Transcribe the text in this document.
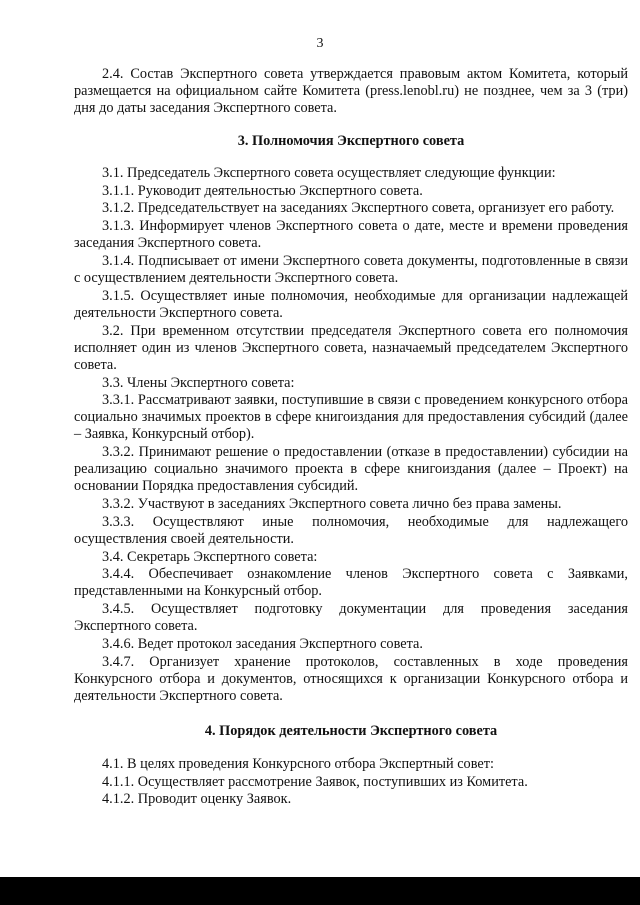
3

2.4. Состав Экспертного совета утверждается правовым актом Комитета, который размещается на официальном сайте Комитета (press.lenobl.ru) не позднее, чем за 3 (три) дня до даты заседания Экспертного совета.

3. Полномочия Экспертного совета

3.1. Председатель Экспертного совета осуществляет следующие функции:

3.1.1. Руководит деятельностью Экспертного совета.

3.1.2. Председательствует на заседаниях Экспертного совета, организует его работу.

3.1.3. Информирует членов Экспертного совета о дате, месте и времени проведения заседания Экспертного совета.

3.1.4. Подписывает от имени Экспертного совета документы, подготовленные в связи с осуществлением деятельности Экспертного совета.

3.1.5. Осуществляет иные полномочия, необходимые для организации надлежащей деятельности Экспертного совета.

3.2. При временном отсутствии председателя Экспертного совета его полномочия исполняет один из членов Экспертного совета, назначаемый председателем Экспертного совета.

3.3. Члены Экспертного совета:

3.3.1. Рассматривают заявки, поступившие в связи с проведением конкурсного отбора социально значимых проектов в сфере книгоиздания для предоставления субсидий (далее – Заявка, Конкурсный отбор).

3.3.2. Принимают решение о предоставлении (отказе в предоставлении) субсидии на реализацию социально значимого проекта в сфере книгоиздания (далее – Проект) на основании Порядка предоставления субсидий.

3.3.2. Участвуют в заседаниях Экспертного совета лично без права замены.

3.3.3. Осуществляют иные полномочия, необходимые для надлежащего осуществления своей деятельности.

3.4. Секретарь Экспертного совета:

3.4.4. Обеспечивает ознакомление членов Экспертного совета с Заявками, представленными на Конкурсный отбор.

3.4.5. Осуществляет подготовку документации для проведения заседания Экспертного совета.

3.4.6. Ведет протокол заседания Экспертного совета.

3.4.7. Организует хранение протоколов, составленных в ходе проведения Конкурсного отбора и документов, относящихся к организации Конкурсного отбора и деятельности Экспертного совета.

4. Порядок деятельности Экспертного совета

4.1. В целях проведения Конкурсного отбора Экспертный совет:

4.1.1. Осуществляет рассмотрение Заявок, поступивших из Комитета.

4.1.2. Проводит оценку Заявок.
